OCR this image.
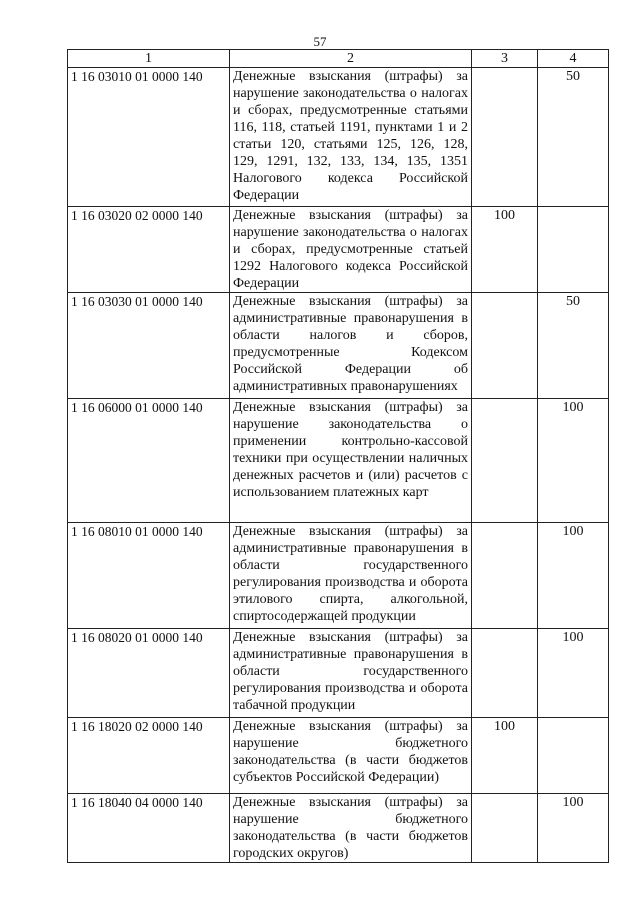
57
1	2	3	4
1 16 03010 01 0000 140	Денежные взыскания (штрафы) за нарушение законодательства о налогах и сборах, предусмотренные статьями 116, 118, статьей 1191, пунктами 1 и 2 статьи 120, статьями 125, 126, 128, 129, 1291, 132, 133, 134, 135, 1351 Налогового кодекса Российской Федерации		50
1 16 03020 02 0000 140	Денежные взыскания (штрафы) за нарушение законодательства о налогах и сборах, предусмотренные статьей 1292 Налогового кодекса Российской Федерации	100	
1 16 03030 01 0000 140	Денежные взыскания (штрафы) за административные правонарушения в области налогов и сборов, предусмотренные Кодексом Российской Федерации об административных правонарушениях		50
1 16 06000 01 0000 140	Денежные взыскания (штрафы) за нарушение законодательства о применении контрольно-кассовой техники при осуществлении наличных денежных расчетов и (или) расчетов с использованием платежных карт		100
1 16 08010 01 0000 140	Денежные взыскания (штрафы) за административные правонарушения в области государственного регулирования производства и оборота этилового спирта, алкогольной, спиртосодержащей продукции		100
1 16 08020 01 0000 140	Денежные взыскания (штрафы) за административные правонарушения в области государственного регулирования производства и оборота табачной продукции		100
1 16 18020 02 0000 140	Денежные взыскания (штрафы) за нарушение бюджетного законодательства (в части бюджетов субъектов Российской Федерации)	100	
1 16 18040 04 0000 140	Денежные взыскания (штрафы) за нарушение бюджетного законодательства (в части бюджетов городских округов)		100
